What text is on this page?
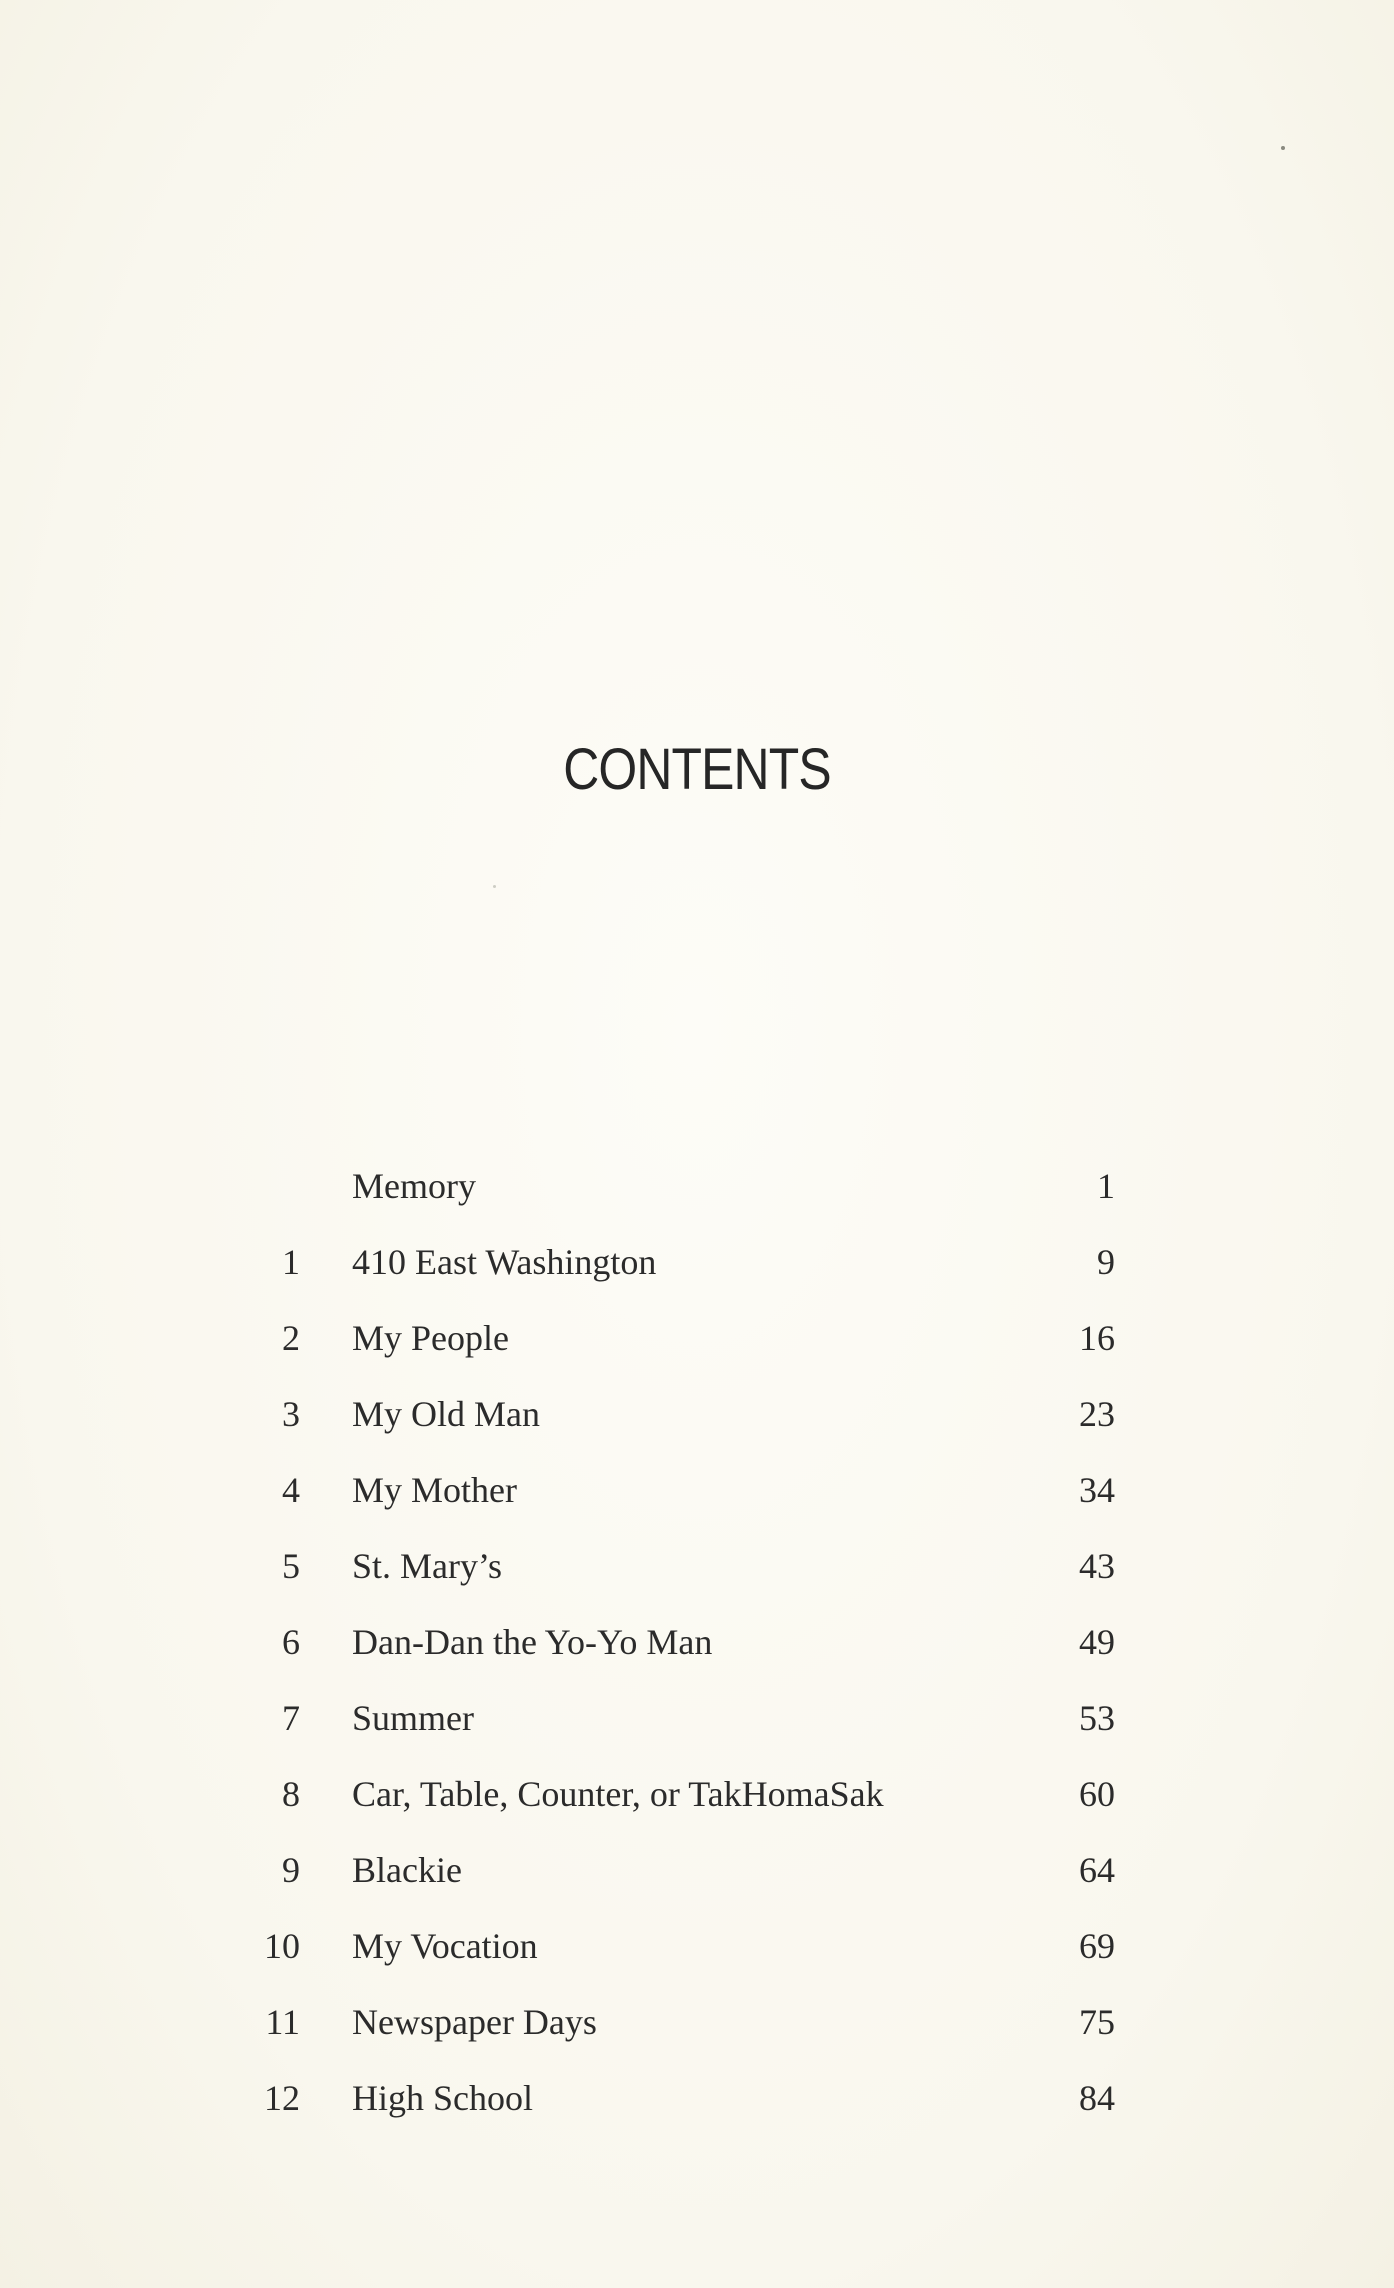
CONTENTS
Memory	1
1 410 East Washington	9
2 My People	16
3 My Old Man	23
4 My Mother	34
5 St. Mary’s	43
6 Dan-Dan the Yo-Yo Man	49
7 Summer	53
8 Car, Table, Counter, or TakHomaSak	60
9 Blackie	64
10 My Vocation	69
11 Newspaper Days	75
12 High School	84
